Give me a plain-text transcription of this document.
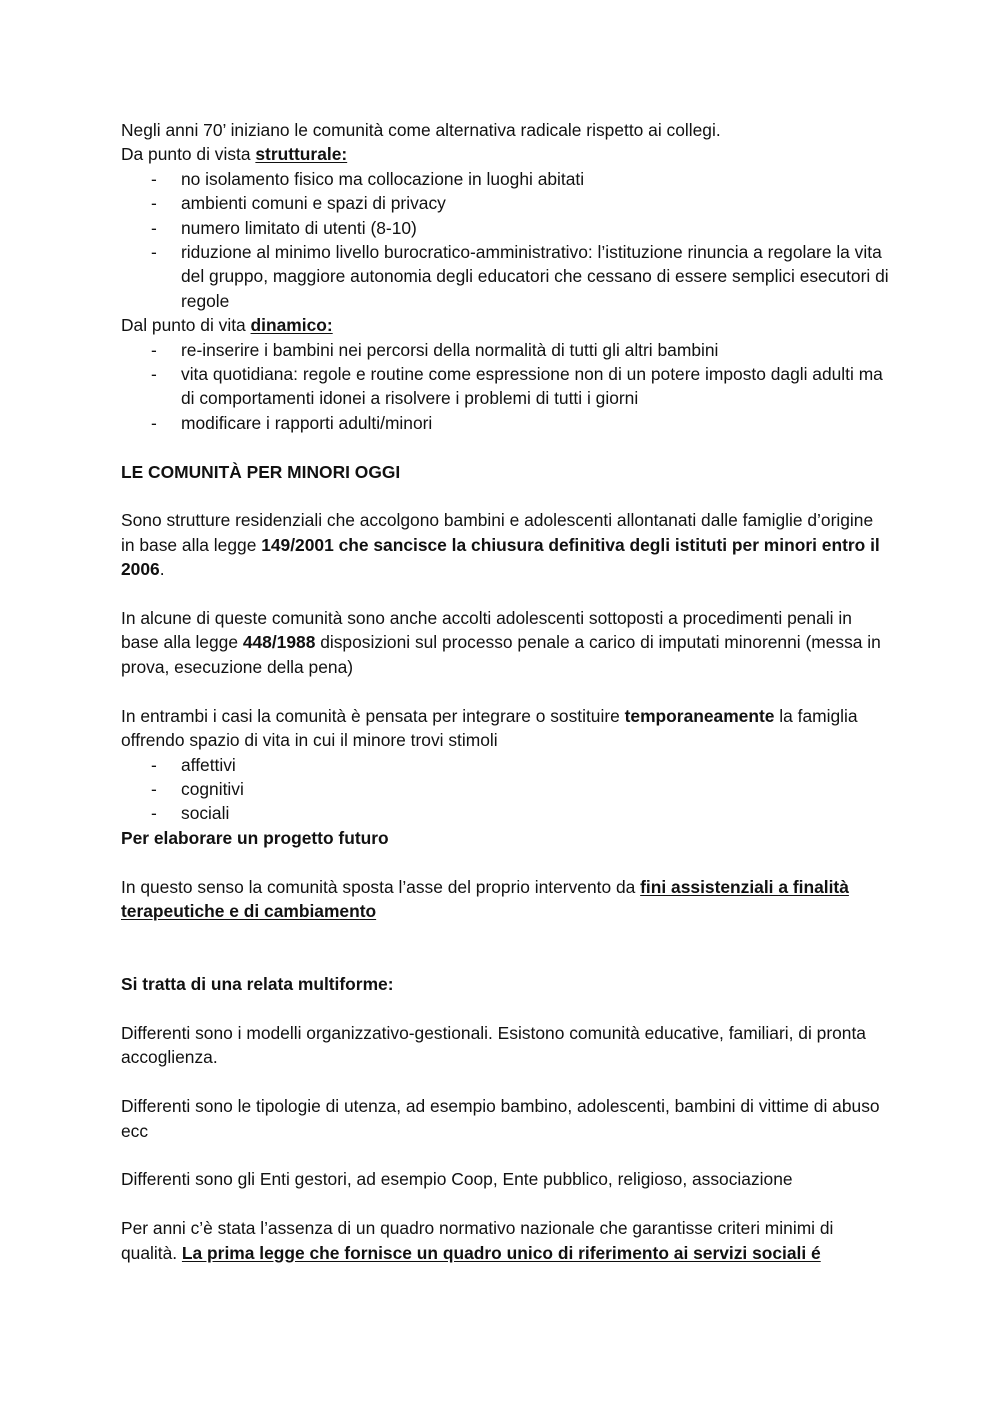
Negli anni 70’ iniziano le comunità come alternativa radicale rispetto ai collegi.

Da punto di vista strutturale:

- no isolamento fisico ma collocazione in luoghi abitati
- ambienti comuni e spazi di privacy
- numero limitato di utenti (8-10)
- riduzione al minimo livello burocratico-amministrativo: l’istituzione rinuncia a regolare la vita del gruppo, maggiore autonomia degli educatori che cessano di essere semplici esecutori di regole

Dal punto di vita dinamico:

- re-inserire i bambini nei percorsi della normalità di tutti gli altri bambini
- vita quotidiana: regole e routine come espressione non di un potere imposto dagli adulti ma di comportamenti idonei a risolvere i problemi di tutti i giorni
- modificare i rapporti adulti/minori

LE COMUNITÀ PER MINORI OGGI

Sono strutture residenziali che accolgono bambini e adolescenti allontanati dalle famiglie d’origine in base alla legge 149/2001 che sancisce la chiusura definitiva degli istituti per minori entro il 2006.

In alcune di queste comunità sono anche accolti adolescenti sottoposti a procedimenti penali in base alla legge 448/1988 disposizioni sul processo penale a carico di imputati minorenni (messa in prova, esecuzione della pena)

In entrambi i casi la comunità è pensata per integrare o sostituire temporaneamente la famiglia offrendo spazio di vita in cui il minore trovi stimoli

- affettivi
- cognitivi
- sociali

Per elaborare un progetto futuro

In questo senso la comunità sposta l’asse del proprio intervento da fini assistenziali a finalità terapeutiche e di cambiamento

Si tratta di una relata multiforme:

Differenti sono i modelli organizzativo-gestionali. Esistono comunità educative, familiari, di pronta accoglienza.

Differenti sono le tipologie di utenza, ad esempio bambino, adolescenti, bambini di vittime di abuso ecc

Differenti sono gli Enti gestori, ad esempio Coop, Ente pubblico, religioso, associazione

Per anni c’è stata l’assenza di un quadro normativo nazionale che garantisse criteri minimi di qualità. La prima legge che fornisce un quadro unico di riferimento ai servizi sociali é
